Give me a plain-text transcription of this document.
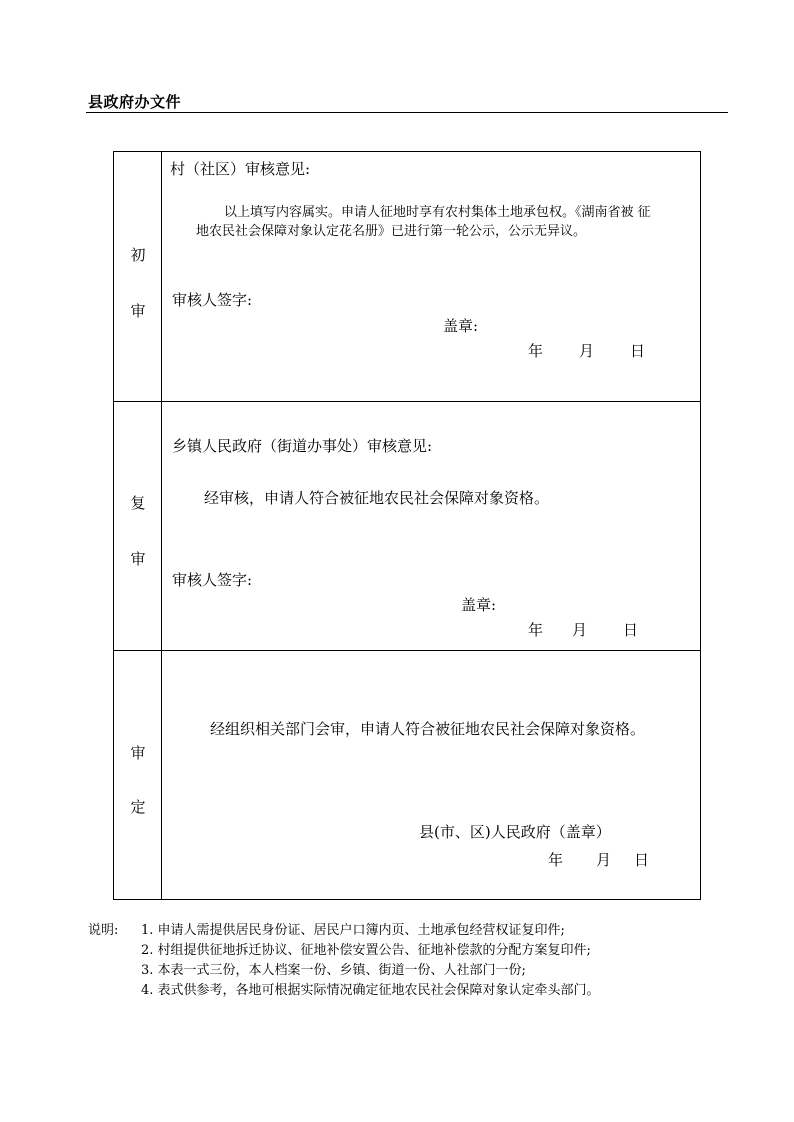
县政府办文件
初
审
村（社区）审核意见:
以上填写内容属实。申请人征地时享有农村集体土地承包权。《湖南省被 征
地农民社会保障对象认定花名册》已进行第一轮公示，公示无异议。
审核人签字:
盖章:
年 月 日
复
审
乡镇人民政府（街道办事处）审核意见:
经审核，申请人符合被征地农民社会保障对象资格。
审核人签字:
盖章:
年 月 日
审
定
经组织相关部门会审，申请人符合被征地农民社会保障对象资格。
县(市、区)人民政府（盖章）
年 月 日
说明: 1. 申请人需提供居民身份证、居民户口簿内页、土地承包经营权证复印件;
2. 村组提供征地拆迁协议、征地补偿安置公告、征地补偿款的分配方案复印件;
3. 本表一式三份，本人档案一份、乡镇、街道一份、人社部门一份;
4. 表式供参考，各地可根据实际情况确定征地农民社会保障对象认定牵头部门。
